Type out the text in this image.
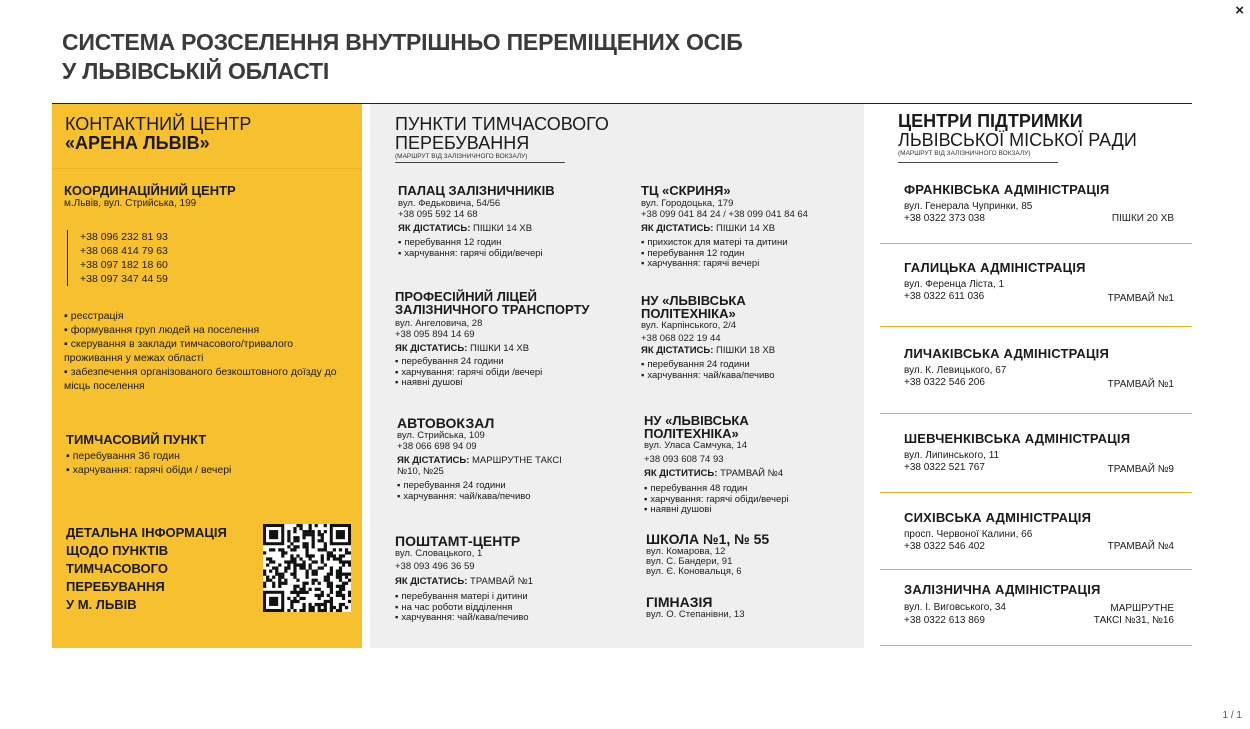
×
1 / 1
СИСТЕМА РОЗСЕЛЕННЯ ВНУТРІШНЬО ПЕРЕМІЩЕНИХ ОСІБ
У ЛЬВІВСЬКІЙ ОБЛАСТІ
КОНТАКТНИЙ ЦЕНТР
«АРЕНА ЛЬВІВ»
КООРДИНАЦІЙНИЙ ЦЕНТР
м.Львів, вул. Стрийська, 199
+38 096 232 81 93
+38 068 414 79 63
+38 097 182 18 60
+38 097 347 44 59
▪ реєстрація
▪ формування груп людей на поселення
▪ скерування в заклади тимчасового/тривалого проживання у межах області
▪ забезпечення організованого безкоштовного доїзду до місць поселення
ТИМЧАСОВИЙ ПУНКТ
▪ перебування 36 годин
▪ харчування: гарячі обіди / вечері
ДЕТАЛЬНА ІНФОРМАЦІЯ
ЩОДО ПУНКТІВ
ТИМЧАСОВОГО
ПЕРЕБУВАННЯ
У М. ЛЬВІВ
ПУНКТИ ТИМЧАСОВОГО
ПЕРЕБУВАННЯ
(МАРШРУТ ВІД ЗАЛІЗНИЧНОГО ВОКЗАЛУ)
ПАЛАЦ ЗАЛІЗНИЧНИКІВ
вул. Федьковича, 54/56
+38 095 592 14 68
ЯК ДІСТАТИСЬ: ПІШКИ 14 ХВ
▪ перебування 12 годин
▪ харчування: гарячі обіди/вечері
ПРОФЕСІЙНИЙ ЛІЦЕЙ
ЗАЛІЗНИЧНОГО ТРАНСПОРТУ
вул. Ангеловича, 28
+38 095 894 14 69
ЯК ДІСТАТИСЬ: ПІШКИ 14 ХВ
▪ перебування 24 години
▪ харчування: гарячі обіди /вечері
▪ наявні душові
АВТОВОКЗАЛ
вул. Стрийська, 109
+38 066 698 94 09
ЯК ДІСТАТИСЬ: МАРШРУТНЕ ТАКСІ
№10, №25
▪ перебування 24 години
▪ харчування: чай/кава/печиво
ПОШТАМТ-ЦЕНТР
вул. Словацького, 1
+38 093 496 36 59
ЯК ДІСТАТИСЬ: ТРАМВАЙ №1
▪ перебування матері і дитини
▪ на час роботи відділення
▪ харчування: чай/кава/печиво
ТЦ «СКРИНЯ»
вул. Городоцька, 179
+38 099 041 84 24 / +38 099 041 84 64
ЯК ДІСТАТИСЬ: ПІШКИ 14 ХВ
▪ прихисток для матері та дитини
▪ перебування 12 годин
▪ харчування: гарячі вечері
НУ «ЛЬВІВСЬКА
ПОЛІТЕХНІКА»
вул. Карпінського, 2/4
+38 068 022 19 44
ЯК ДІСТАТИСЬ: ПІШКИ 18 ХВ
▪ перебування 24 години
▪ харчування: чай/кава/печиво
НУ «ЛЬВІВСЬКА
ПОЛІТЕХНІКА»
вул. Уласа Самчука, 14
+38 093 608 74 93
ЯК ДІСТИТИСЬ: ТРАМВАЙ №4
▪ перебування 48 годин
▪ харчування: гарячі обіди/вечері
▪ наявні душові
ШКОЛА №1, № 55
вул. Комарова, 12
вул. С. Бандери, 91
вул. Є. Коновальця, 6
ГІМНАЗІЯ
вул. О. Степанівни, 13
ЦЕНТРИ ПІДТРИМКИ
ЛЬВІВСЬКОЇ МІСЬКОЇ РАДИ
(МАРШРУТ ВІД ЗАЛІЗНИЧНОГО ВОКЗАЛУ)
ФРАНКІВСЬКА АДМІНІСТРАЦІЯ
вул. Генерала Чупринки, 85
+38 0322 373 038	ПІШКИ 20 ХВ
ГАЛИЦЬКА АДМІНІСТРАЦІЯ
вул. Ференца Ліста, 1
+38 0322 611 036	ТРАМВАЙ №1
ЛИЧАКІВСЬКА АДМІНІСТРАЦІЯ
вул. К. Левицького, 67
+38 0322 546 206	ТРАМВАЙ №1
ШЕВЧЕНКІВСЬКА АДМІНІСТРАЦІЯ
вул. Липинського, 11
+38 0322 521 767	ТРАМВАЙ №9
СИХІВСЬКА АДМІНІСТРАЦІЯ
просп. Червоної Калини, 66
+38 0322 546 402	ТРАМВАЙ №4
ЗАЛІЗНИЧНА АДМІНІСТРАЦІЯ
вул. І. Виговського, 34	МАРШРУТНЕ
+38 0322 613 869	ТАКСІ №31, №16
